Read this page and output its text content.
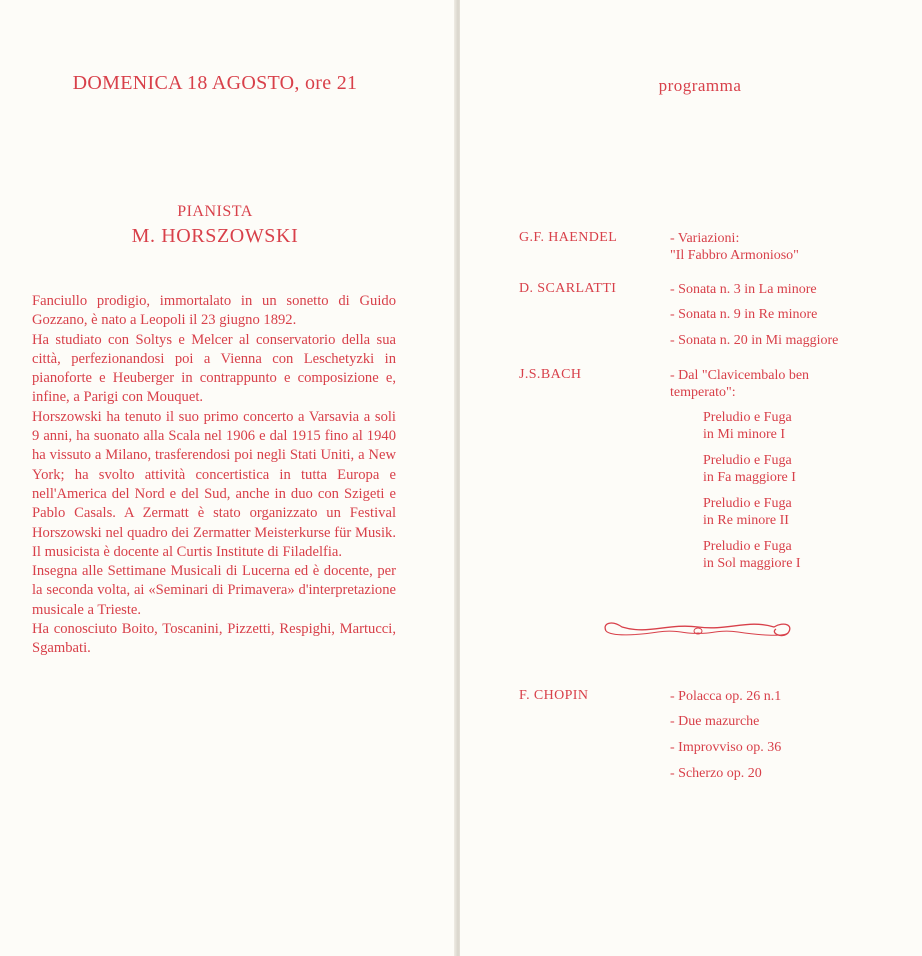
DOMENICA 18 AGOSTO, ore 21
PIANISTA
M. HORSZOWSKI

Fanciullo prodigio, immortalato in un sonetto di Guido Gozzano, è nato a Leopoli il 23 giugno 1892.
Ha studiato con Soltys e Melcer al conservatorio della sua città, perfezionandosi poi a Vienna con Leschetyzki in pianoforte e Heuberger in contrappunto e composizione e, infine, a Parigi con Mouquet.
Horszowski ha tenuto il suo primo concerto a Varsavia a soli 9 anni, ha suonato alla Scala nel 1906 e dal 1915 fino al 1940 ha vissuto a Milano, trasferendosi poi negli Stati Uniti, a New York; ha svolto attività concertistica in tutta Europa e nell'America del Nord e del Sud, anche in duo con Szigeti e Pablo Casals. A Zermatt è stato organizzato un Festival Horszowski nel quadro dei Zermatter Meisterkurse für Musik. Il musicista è docente al Curtis Institute di Filadelfia.
Insegna alle Settimane Musicali di Lucerna ed è docente, per la seconda volta, ai «Seminari di Primavera» d'interpretazione musicale a Trieste.
Ha conosciuto Boito, Toscanini, Pizzetti, Respighi, Martucci, Sgambati.

programma
G.F. HAENDEL
D. SCARLATTI
J.S.BACH
F. CHOPIN
- Variazioni:
"Il Fabbro Armonioso"
- Sonata n. 3 in La minore
- Sonata n. 9 in Re minore
- Sonata n. 20 in Mi maggiore
- Dal "Clavicembalo ben
temperato":
Preludio e Fuga
in Mi minore I
Preludio e Fuga
in Fa maggiore I
Preludio e Fuga
in Re minore II
Preludio e Fuga
in Sol maggiore I
- Polacca op. 26 n.1
- Due mazurche
- Improvviso op. 36
- Scherzo op. 20
